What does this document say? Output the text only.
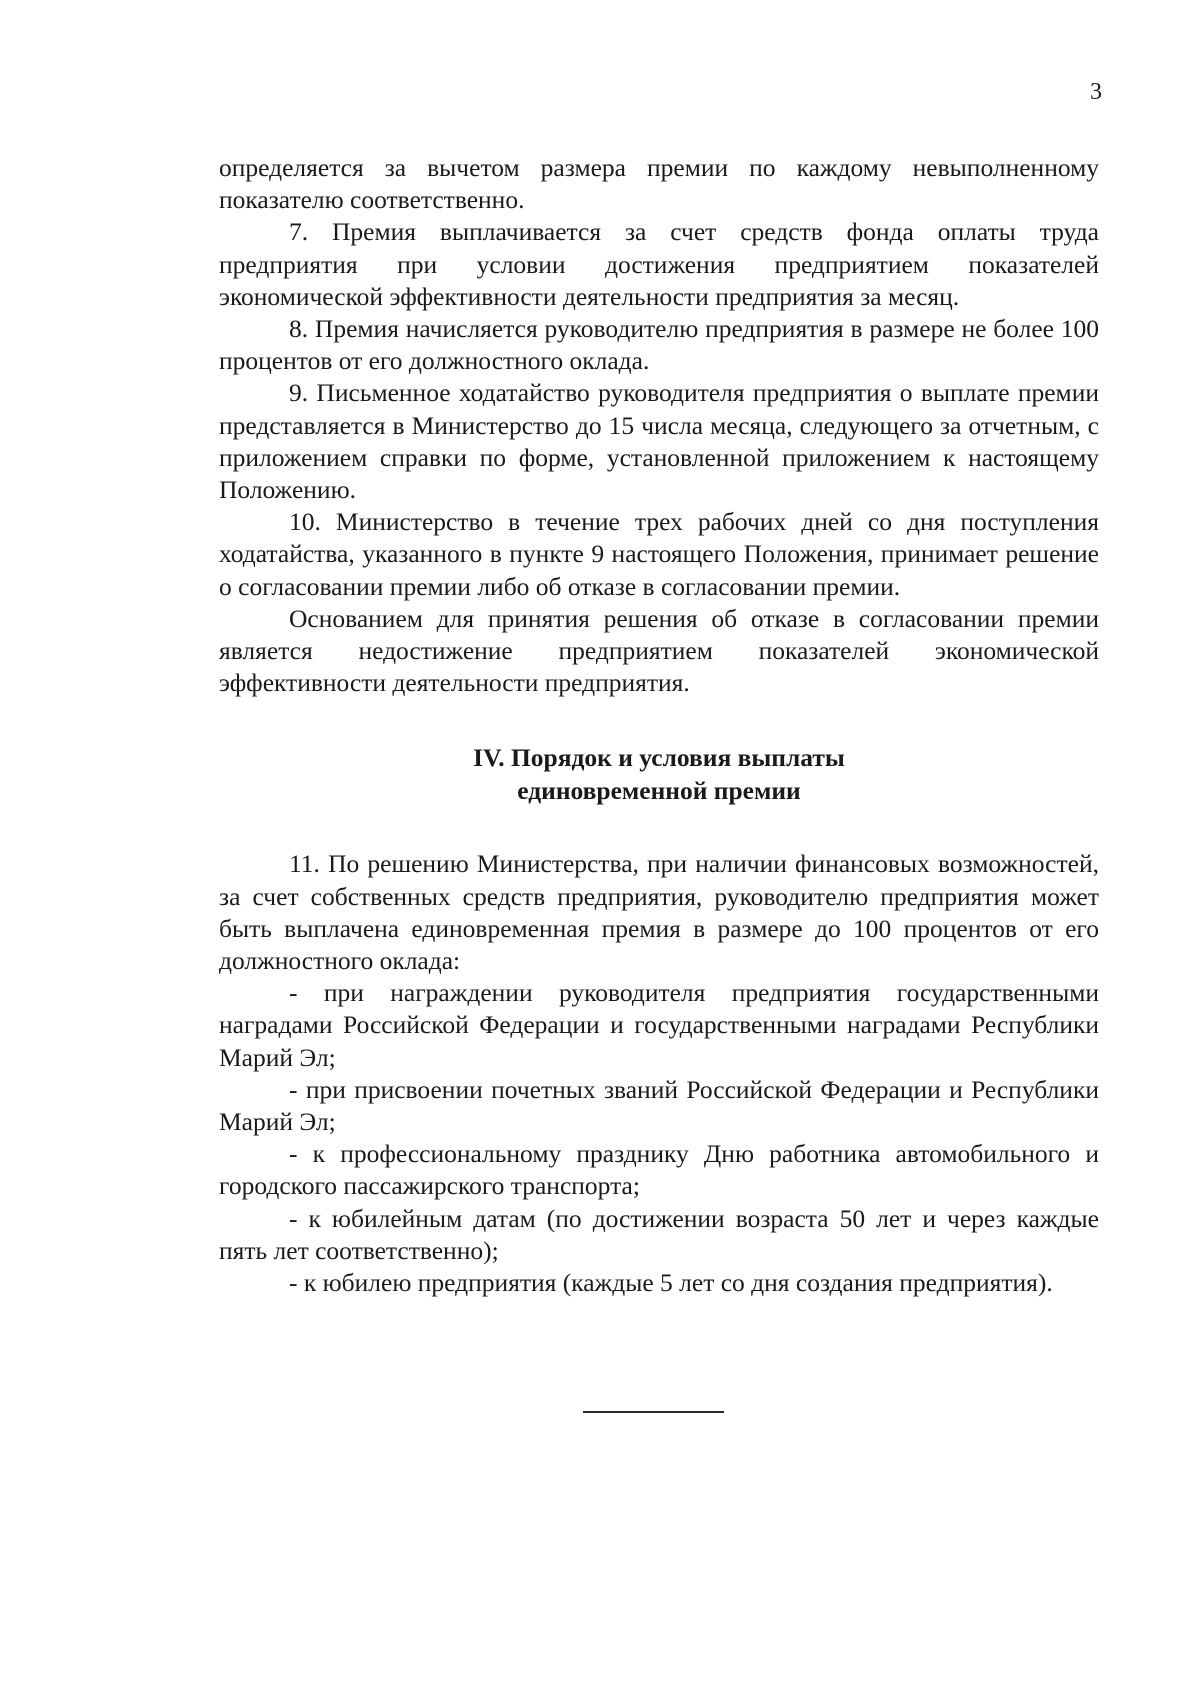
3

определяется за вычетом размера премии по каждому невыполненному показателю соответственно.

7. Премия выплачивается за счет средств фонда оплаты труда предприятия при условии достижения предприятием показателей экономической эффективности деятельности предприятия за месяц.

8. Премия начисляется руководителю предприятия в размере не более 100 процентов от его должностного оклада.

9. Письменное ходатайство руководителя предприятия о выплате премии представляется в Министерство до 15 числа месяца, следующего за отчетным, с приложением справки по форме, установленной приложением к настоящему Положению.

10. Министерство в течение трех рабочих дней со дня поступления ходатайства, указанного в пункте 9 настоящего Положения, принимает решение о согласовании премии либо об отказе в согласовании премии.

Основанием для принятия решения об отказе в согласовании премии является недостижение предприятием показателей экономической эффективности деятельности предприятия.

IV. Порядок и условия выплаты
единовременной премии

11. По решению Министерства, при наличии финансовых возможностей, за счет собственных средств предприятия, руководителю предприятия может быть выплачена единовременная премия в размере до 100 процентов от его должностного оклада:

- при награждении руководителя предприятия государственными наградами Российской Федерации и государственными наградами Республики Марий Эл;

- при присвоении почетных званий Российской Федерации и Республики Марий Эл;

- к профессиональному празднику Дню работника автомобильного и городского пассажирского транспорта;

- к юбилейным датам (по достижении возраста 50 лет и через каждые пять лет соответственно);

- к юбилею предприятия (каждые 5 лет со дня создания предприятия).
